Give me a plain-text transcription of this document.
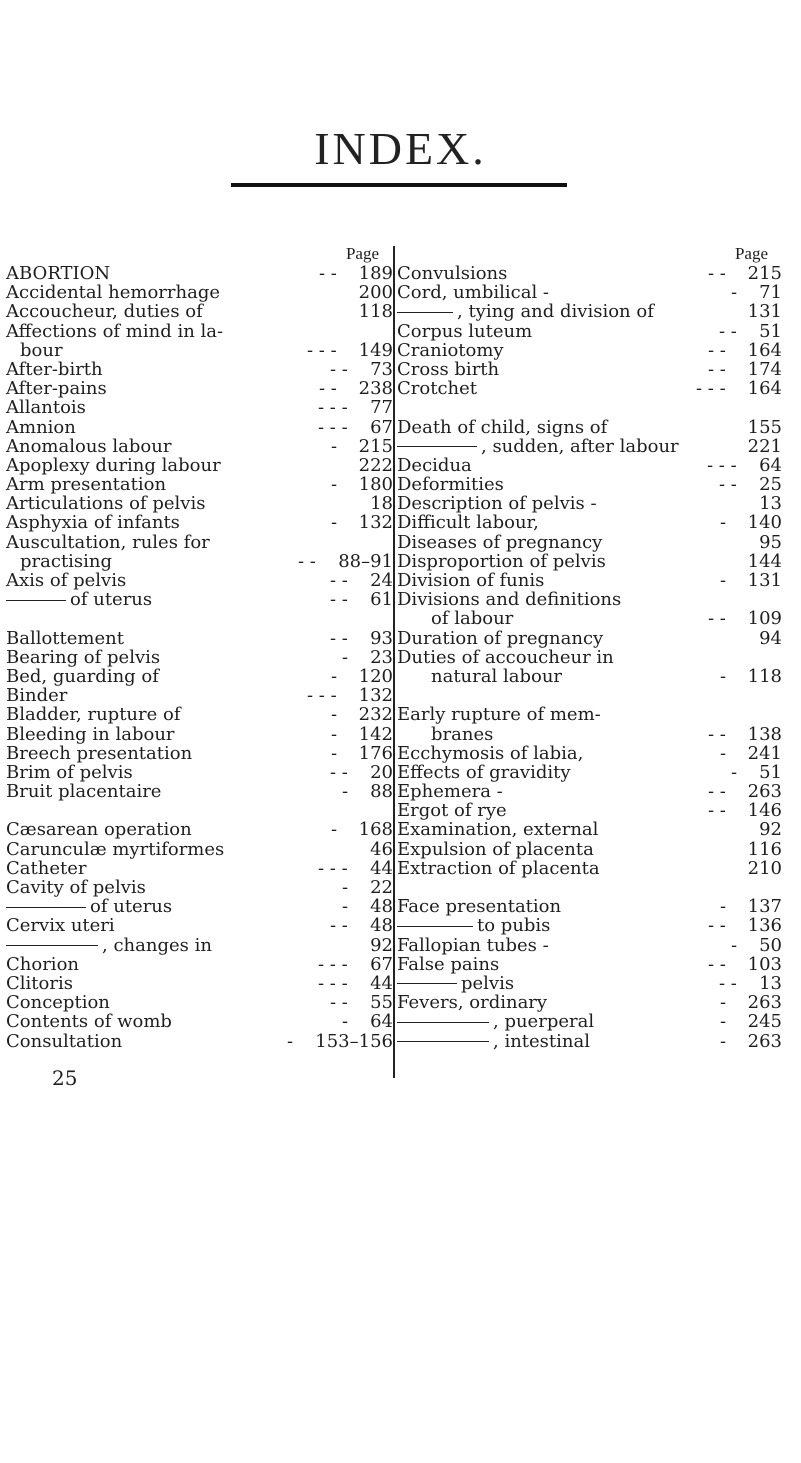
INDEX.
Page
ABORTION	- - 189
Accidental hemorrhage	200
Accoucheur, duties of	118
Affections of mind in la-
bour	- - - 149
After-birth	- - 73
After-pains	- - 238
Allantois	- - - 77
Amnion	- - - 67
Anomalous labour	- 215
Apoplexy during labour	222
Arm presentation	- 180
Articulations of pelvis	18
Asphyxia of infants	- 132
Auscultation, rules for
practising	- - 88–91
Axis of pelvis	- - 24
of uterus	- - 61
Ballottement	- - 93
Bearing of pelvis	- 23
Bed, guarding of	- 120
Binder	- - - 132
Bladder, rupture of	- 232
Bleeding in labour	- 142
Breech presentation	- 176
Brim of pelvis	- - 20
Bruit placentaire	- 88
Cæsarean operation	- 168
Carunculæ myrtiformes	46
Catheter	- - - 44
Cavity of pelvis	- 22
of uterus	- 48
Cervix uteri	- - 48
, changes in	92
Chorion	- - - 67
Clitoris	- - - 44
Conception	- - 55
Contents of womb	- 64
Consultation	- 153–156
Page
Convulsions	- - 215
Cord, umbilical -	- 71
, tying and division of	131
Corpus luteum	- - 51
Craniotomy	- - 164
Cross birth	- - 174
Crotchet	- - - 164
Death of child, signs of	155
, sudden, after labour	221
Decidua	- - - 64
Deformities	- - 25
Description of pelvis -	13
Difficult labour,	- 140
Diseases of pregnancy	95
Disproportion of pelvis	144
Division of funis	- 131
Divisions and definitions
of labour	- - 109
Duration of pregnancy	94
Duties of accoucheur in
natural labour	- 118
Early rupture of mem-
branes	- - 138
Ecchymosis of labia,	- 241
Effects of gravidity	- 51
Ephemera -	- - 263
Ergot of rye	- - 146
Examination, external	92
Expulsion of placenta	116
Extraction of placenta	210
Face presentation	- 137
to pubis	- - 136
Fallopian tubes -	- 50
False pains	- - 103
pelvis	- - 13
Fevers, ordinary	- 263
, puerperal	- 245
, intestinal	- 263
25
